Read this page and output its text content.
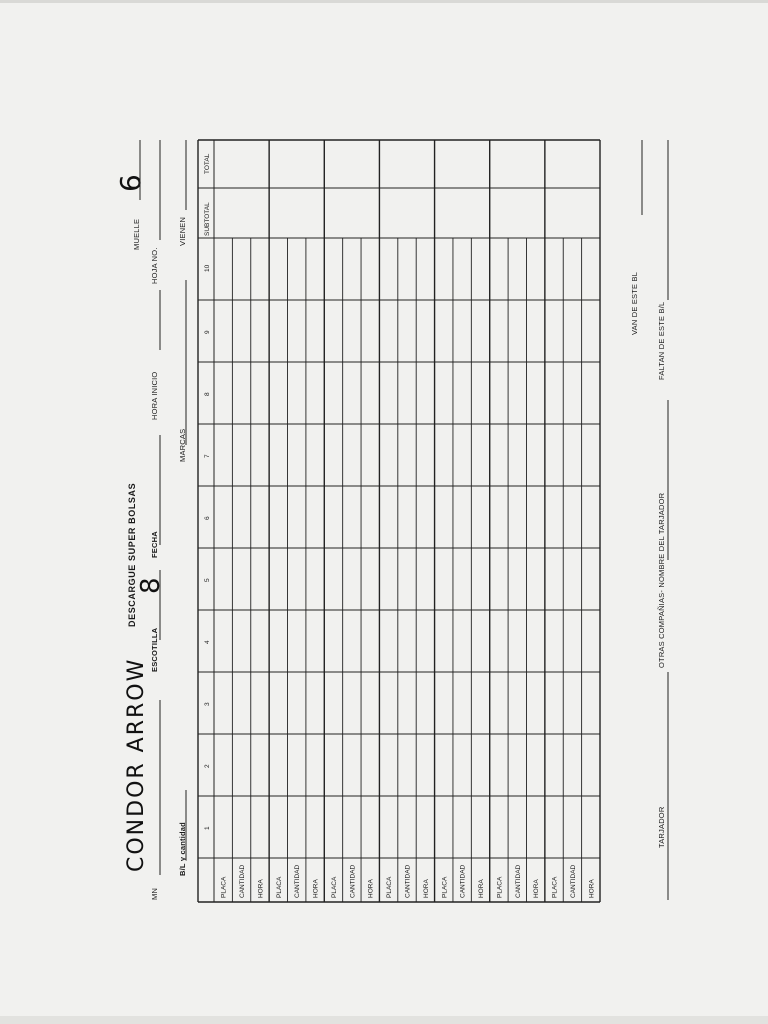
MN
CONDOR ARROW	B/L y cantidad
DESCARGUE SUPER BOLSAS
ESCOTILLA
8
FECHA
HORA INICIO
HOJA NO.
MUELLE
6
MARCAS
VIENEN
TARJADOR
OTRAS COMPAÑIAS- NOMBRE DEL TARJADOR
VAN DE ESTE BL FALTAN DE ESTE B/L
1
2
3
4
5
6
7
8
9
10
SUBTOTAL
TOTAL
PLACA CANTIDAD HORA PLACA CANTIDAD HORA PLACA CANTIDAD HORA PLACA CANTIDAD HORA PLACA CANTIDAD HORA PLACA CANTIDAD HORA PLACA CANTIDAD HORA
